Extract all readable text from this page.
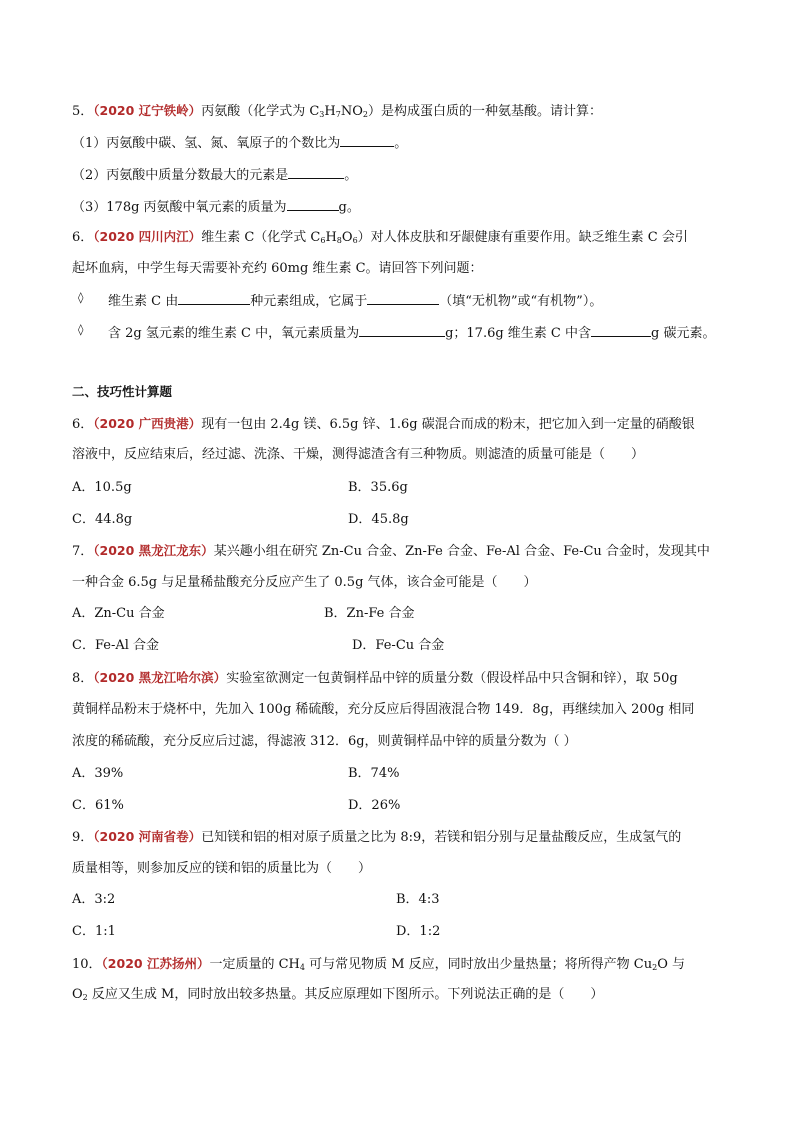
5．（2020 辽宁铁岭）丙氨酸（化学式为 $C_3H_7NO_2$）是构成蛋白质的一种氨基酸。请计算：
（1）丙氨酸中碳、氢、氮、氧原子的个数比为	。
（2）丙氨酸中质量分数最大的元素是	。
（3）178g 丙氨酸中氧元素的质量为	g。
6．（2020 四川内江）维生素 C（化学式 $C_6H_8O_6$）对人体皮肤和牙龈健康有重要作用。缺乏维生素 C 会引
起坏血病，中学生每天需要补充约 60mg 维生素 C。请回答下列问题：
◊ 维生素 C 由	种元素组成，它属于	（填“无机物”或“有机物”）。
◊ 含 2g 氢元素的维生素 C 中，氧元素质量为	g；17.6g 维生素 C 中含	g 碳元素。
二、技巧性计算题
6．（2020 广西贵港）现有一包由 2.4g 镁、6.5g 锌、1.6g 碳混合而成的粉末，把它加入到一定量的硝酸银
溶液中，反应结束后，经过滤、洗涤、干燥，测得滤渣含有三种物质。则滤渣的质量可能是（　　）
A．10.5g	B．35.6g
C．44.8g	D．45.8g
7．（2020 黑龙江龙东）某兴趣小组在研究 Zn-Cu 合金、Zn-Fe 合金、Fe-Al 合金、Fe-Cu 合金时，发现其中
一种合金 6.5g 与足量稀盐酸充分反应产生了 0.5g 气体，该合金可能是（　　）
A．Zn-Cu 合金	B．Zn-Fe 合金
C．Fe-Al 合金	D．Fe-Cu 合金
8．（2020 黑龙江哈尔滨）实验室欲测定一包黄铜样品中锌的质量分数（假设样品中只含铜和锌），取 50g
黄铜样品粉末于烧杯中，先加入 100g 稀硫酸，充分反应后得固液混合物 149．8g，再继续加入 200g 相同
浓度的稀硫酸，充分反应后过滤，得滤液 312．6g，则黄铜样品中锌的质量分数为（ ）
A．39%	B．74%
C．61%	D．26%
9．（2020 河南省卷）已知镁和铝的相对原子质量之比为 8:9，若镁和铝分别与足量盐酸反应，生成氢气的
质量相等，则参加反应的镁和铝的质量比为（　　）
A．3:2	B．4:3
C．1:1	D．1:2
10．（2020 江苏扬州）一定质量的 $CH_4$ 可与常见物质 M 反应，同时放出少量热量；将所得产物 $Cu_2O$ 与
$O_2$ 反应又生成 M，同时放出较多热量。其反应原理如下图所示。下列说法正确的是（　　）
